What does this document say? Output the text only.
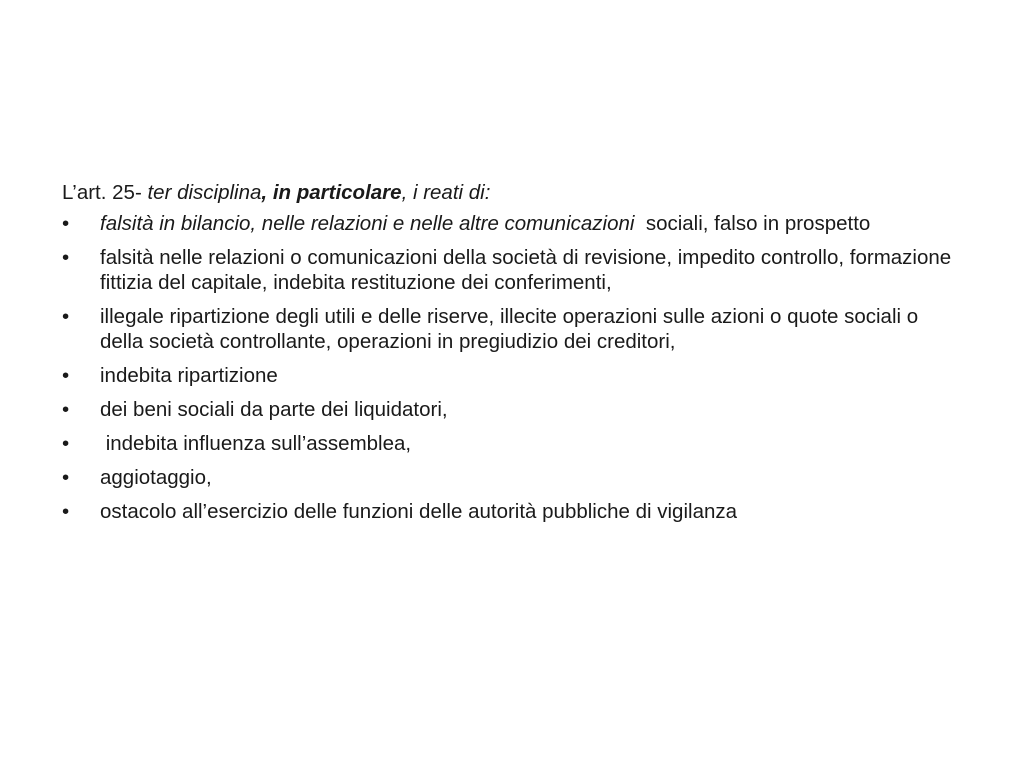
L’art. 25- ter disciplina, in particolare, i reati di:

•	falsità in bilancio, nelle relazioni e nelle altre comunicazioni  sociali, falso in prospetto
•	falsità nelle relazioni o comunicazioni della società di revisione, impedito controllo, formazione fittizia del capitale, indebita restituzione dei conferimenti,
•	illegale ripartizione degli utili e delle riserve, illecite operazioni sulle azioni o quote sociali o della società controllante, operazioni in pregiudizio dei creditori,
•	indebita ripartizione
•	dei beni sociali da parte dei liquidatori,
•	indebita influenza sull’assemblea,
•	aggiotaggio,
•	ostacolo all’esercizio delle funzioni delle autorità pubbliche di vigilanza
